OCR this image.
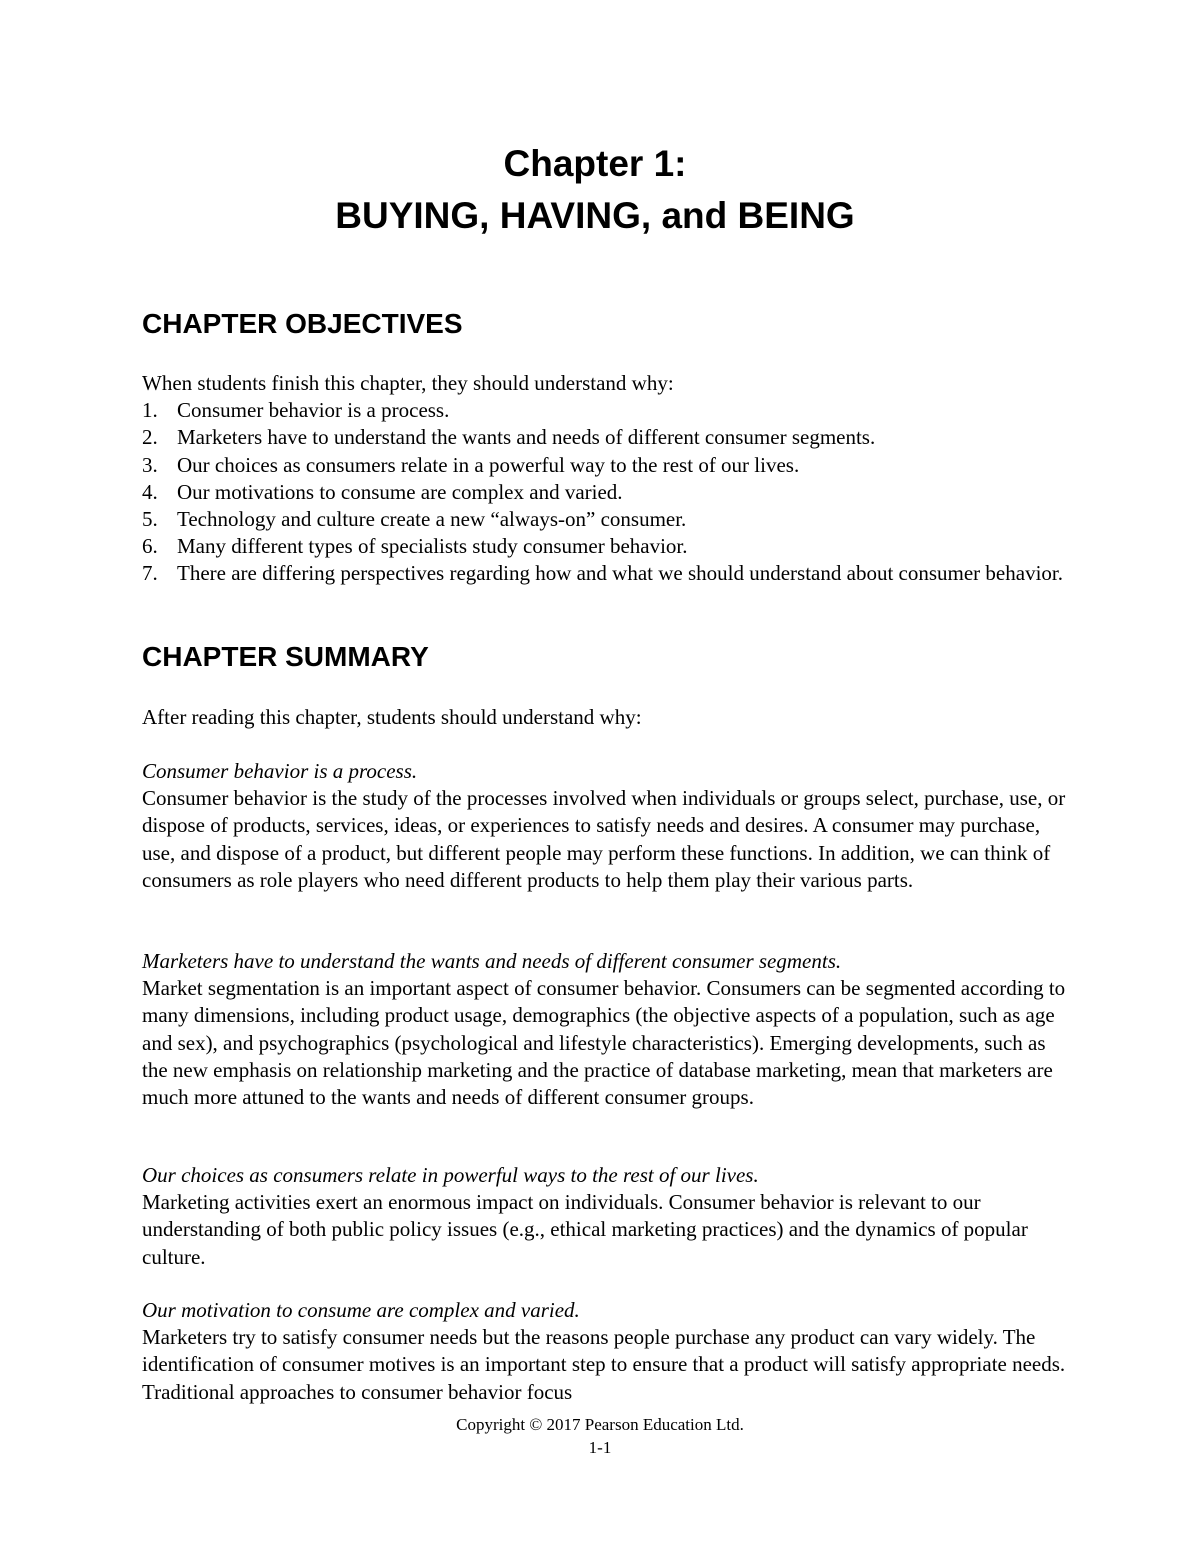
Chapter 1:
BUYING, HAVING, and BEING
CHAPTER OBJECTIVES

When students finish this chapter, they should understand why:

1. Consumer behavior is a process.
2. Marketers have to understand the wants and needs of different consumer segments.
3. Our choices as consumers relate in a powerful way to the rest of our lives.
4. Our motivations to consume are complex and varied.
5. Technology and culture create a new “always-on” consumer.
6. Many different types of specialists study consumer behavior.
7. There are differing perspectives regarding how and what we should understand about consumer behavior.
CHAPTER SUMMARY

After reading this chapter, students should understand why:

Consumer behavior is a process.

Consumer behavior is the study of the processes involved when individuals or groups select, purchase, use, or dispose of products, services, ideas, or experiences to satisfy needs and desires. A consumer may purchase, use, and dispose of a product, but different people may perform these functions. In addition, we can think of consumers as role players who need different products to help them play their various parts.

Marketers have to understand the wants and needs of different consumer segments.

Market segmentation is an important aspect of consumer behavior. Consumers can be segmented according to many dimensions, including product usage, demographics (the objective aspects of a population, such as age and sex), and psychographics (psychological and lifestyle characteristics). Emerging developments, such as the new emphasis on relationship marketing and the practice of database marketing, mean that marketers are much more attuned to the wants and needs of different consumer groups.

Our choices as consumers relate in powerful ways to the rest of our lives.

Marketing activities exert an enormous impact on individuals. Consumer behavior is relevant to our understanding of both public policy issues (e.g., ethical marketing practices) and the dynamics of popular culture.

Our motivation to consume are complex and varied.

Marketers try to satisfy consumer needs but the reasons people purchase any product can vary widely. The identification of consumer motives is an important step to ensure that a product will satisfy appropriate needs. Traditional approaches to consumer behavior focus

Copyright © 2017 Pearson Education Ltd.
1-1
